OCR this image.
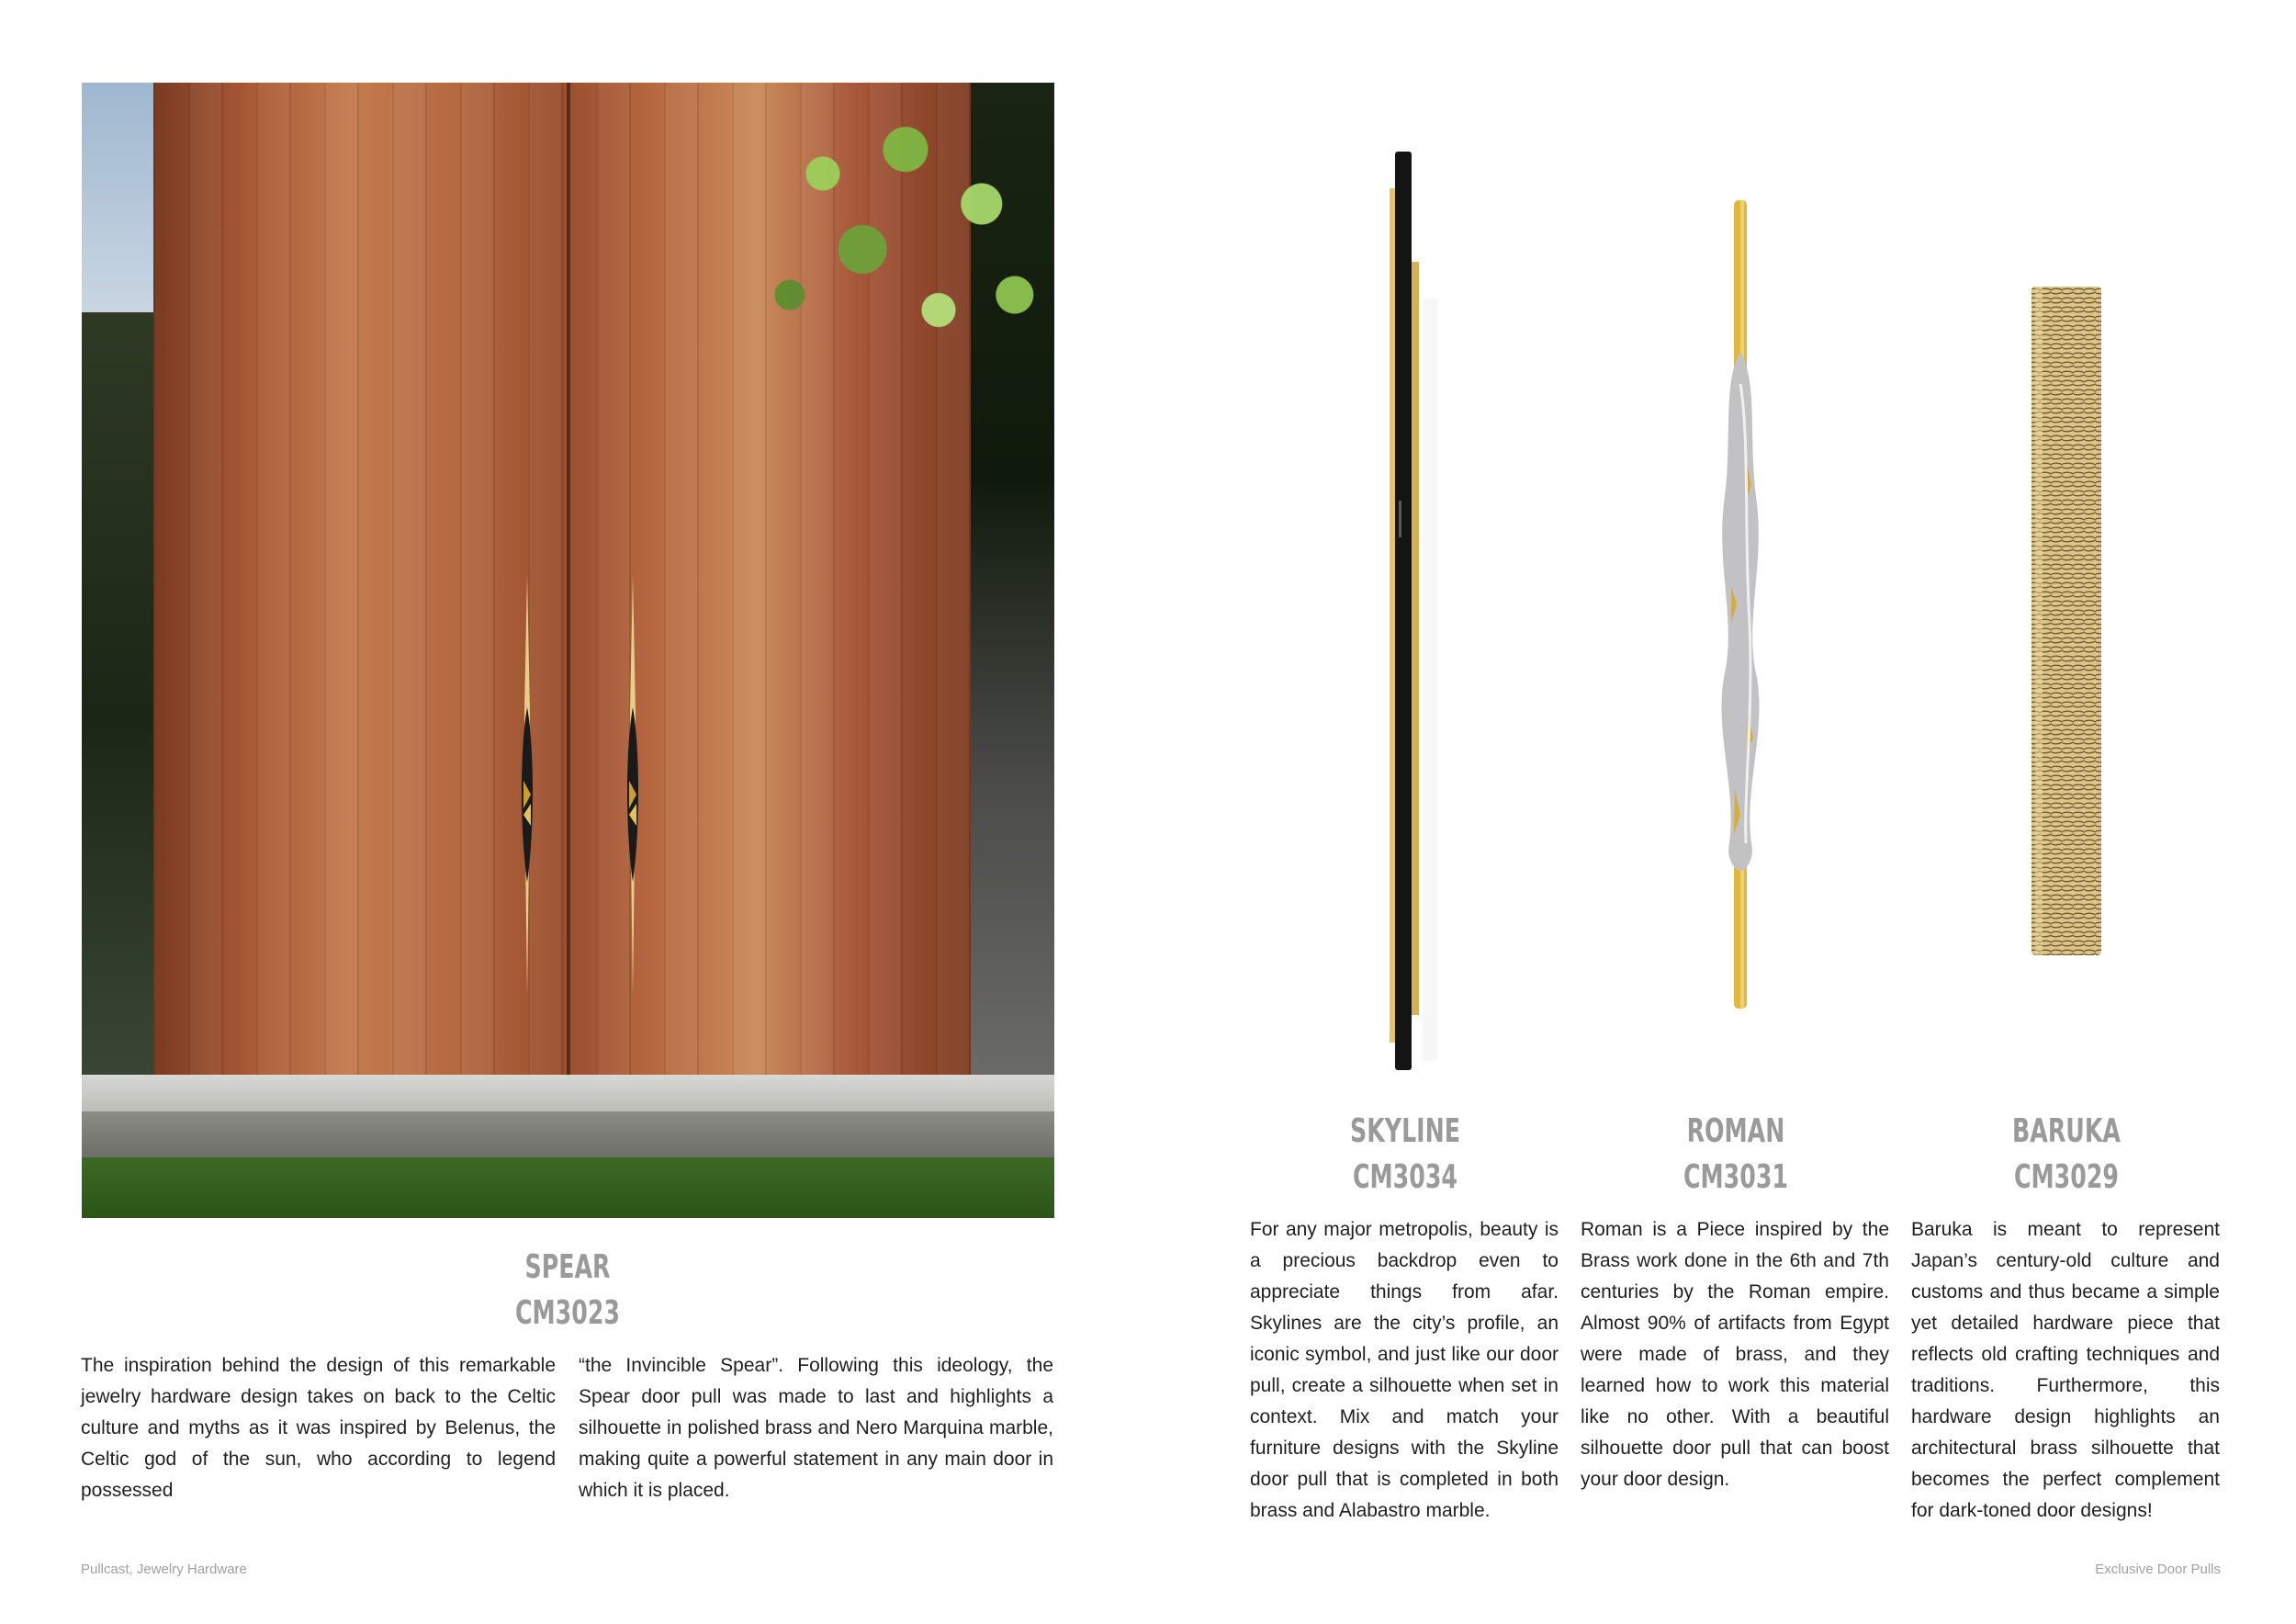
SPEAR
CM3023

The inspiration behind the design of this remarkable jewelry hardware design takes on back to the Celtic culture and myths as it was inspired by Belenus, the Celtic god of the sun, who according to legend possessed

“the Invincible Spear”. Following this ideology, the Spear door pull was made to last and highlights a silhouette in polished brass and Nero Marquina marble, making quite a powerful statement in any main door in which it is placed.

SKYLINE
CM3034
ROMAN
CM3031
BARUKA
CM3029

For any major metropolis, beauty is a precious backdrop even to appreciate things from afar. Skylines are the city’s profile, an iconic symbol, and just like our door pull, create a silhouette when set in context. Mix and match your furniture designs with the Skyline door pull that is completed in both brass and Alabastro marble.

Roman is a Piece inspired by the Brass work done in the 6th and 7th centuries by the Roman empire. Almost 90% of artifacts from Egypt were made of brass, and they learned how to work this material like no other. With a beautiful silhouette door pull that can boost your door design.

Baruka is meant to represent Japan’s century-old culture and customs and thus became a simple yet detailed hardware piece that reflects old crafting techniques and traditions. Furthermore, this hardware design highlights an architectural brass silhouette that becomes the perfect complement for dark-toned door designs!

Pullcast, Jewelry Hardware	Exclusive Door Pulls
